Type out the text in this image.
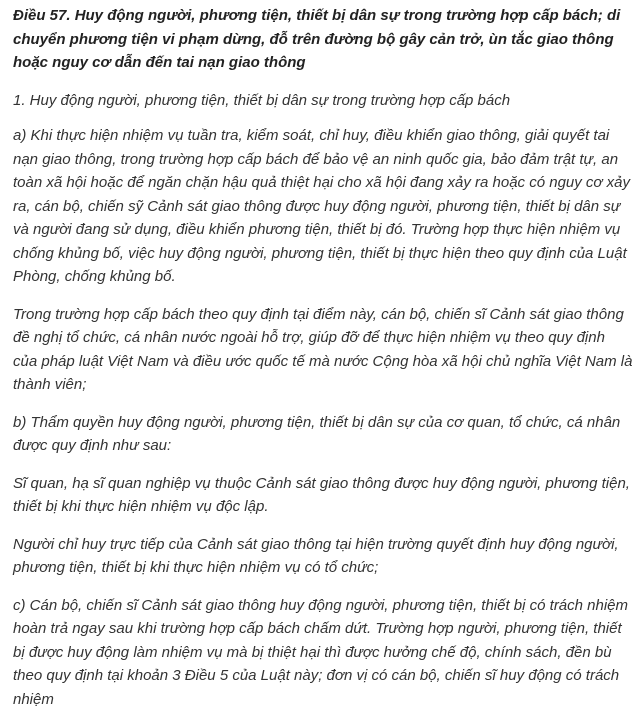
Điều 57. Huy động người, phương tiện, thiết bị dân sự trong trường hợp cấp bách; di chuyển phương tiện vi phạm dừng, đỗ trên đường bộ gây cản trở, ùn tắc giao thông hoặc nguy cơ dẫn đến tai nạn giao thông

1. Huy động người, phương tiện, thiết bị dân sự trong trường hợp cấp bách

a) Khi thực hiện nhiệm vụ tuần tra, kiểm soát, chỉ huy, điều khiển giao thông, giải quyết tai nạn giao thông, trong trường hợp cấp bách để bảo vệ an ninh quốc gia, bảo đảm trật tự, an toàn xã hội hoặc để ngăn chặn hậu quả thiệt hại cho xã hội đang xảy ra hoặc có nguy cơ xảy ra, cán bộ, chiến sỹ Cảnh sát giao thông được huy động người, phương tiện, thiết bị dân sự và người đang sử dụng, điều khiển phương tiện, thiết bị đó. Trường hợp thực hiện nhiệm vụ chống khủng bố, việc huy động người, phương tiện, thiết bị thực hiện theo quy định của Luật Phòng, chống khủng bố.

Trong trường hợp cấp bách theo quy định tại điểm này, cán bộ, chiến sĩ Cảnh sát giao thông đề nghị tổ chức, cá nhân nước ngoài hỗ trợ, giúp đỡ để thực hiện nhiệm vụ theo quy định của pháp luật Việt Nam và điều ước quốc tế mà nước Cộng hòa xã hội chủ nghĩa Việt Nam là thành viên;

b) Thẩm quyền huy động người, phương tiện, thiết bị dân sự của cơ quan, tổ chức, cá nhân được quy định như sau:

Sĩ quan, hạ sĩ quan nghiệp vụ thuộc Cảnh sát giao thông được huy động người, phương tiện, thiết bị khi thực hiện nhiệm vụ độc lập.

Người chỉ huy trực tiếp của Cảnh sát giao thông tại hiện trường quyết định huy động người, phương tiện, thiết bị khi thực hiện nhiệm vụ có tổ chức;

c) Cán bộ, chiến sĩ Cảnh sát giao thông huy động người, phương tiện, thiết bị có trách nhiệm hoàn trả ngay sau khi trường hợp cấp bách chấm dứt. Trường hợp người, phương tiện, thiết bị được huy động làm nhiệm vụ mà bị thiệt hại thì được hưởng chế độ, chính sách, đền bù theo quy định tại khoản 3 Điều 5 của Luật này; đơn vị có cán bộ, chiến sĩ huy động có trách nhiệm
